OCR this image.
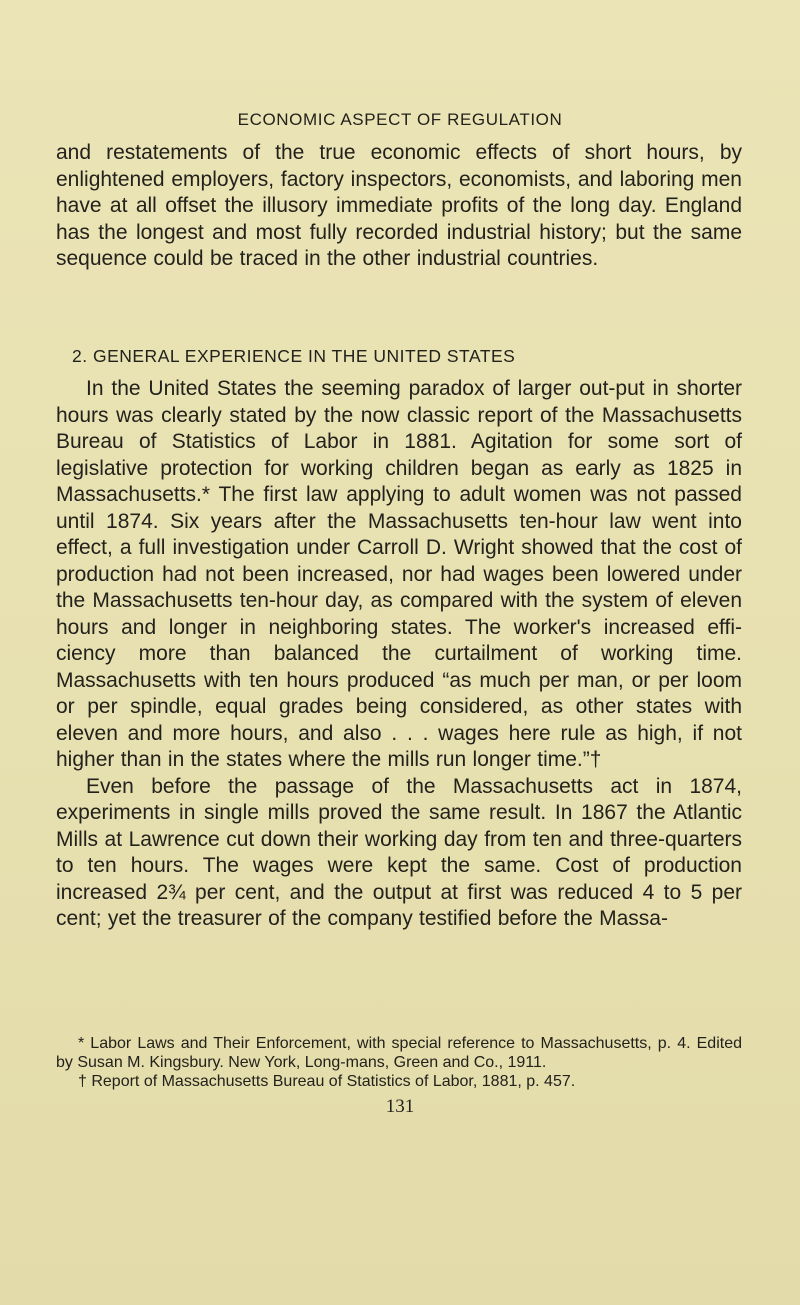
ECONOMIC ASPECT OF REGULATION

and restatements of the true economic effects of short hours, by enlightened employers, factory inspectors, economists, and laboring men have at all offset the illusory immediate profits of the long day. England has the longest and most fully recorded industrial history; but the same sequence could be traced in the other industrial countries.

2. GENERAL EXPERIENCE IN THE UNITED STATES

In the United States the seeming paradox of larger out-put in shorter hours was clearly stated by the now classic report of the Massachusetts Bureau of Statistics of Labor in 1881. Agitation for some sort of legislative protection for working children began as early as 1825 in Massachusetts.* The first law applying to adult women was not passed until 1874. Six years after the Massachusetts ten-hour law went into effect, a full investigation under Carroll D. Wright showed that the cost of production had not been increased, nor had wages been lowered under the Massachusetts ten-hour day, as compared with the system of eleven hours and longer in neighboring states. The worker's increased effi-ciency more than balanced the curtailment of working time. Massachusetts with ten hours produced “as much per man, or per loom or per spindle, equal grades being considered, as other states with eleven and more hours, and also . . . wages here rule as high, if not higher than in the states where the mills run longer time.”†

Even before the passage of the Massachusetts act in 1874, experiments in single mills proved the same result. In 1867 the Atlantic Mills at Lawrence cut down their working day from ten and three-quarters to ten hours. The wages were kept the same. Cost of production increased 2¾ per cent, and the output at first was reduced 4 to 5 per cent; yet the treasurer of the company testified before the Massa-

* Labor Laws and Their Enforcement, with special reference to Massachusetts, p. 4. Edited by Susan M. Kingsbury. New York, Long-mans, Green and Co., 1911.

† Report of Massachusetts Bureau of Statistics of Labor, 1881, p. 457.

131
